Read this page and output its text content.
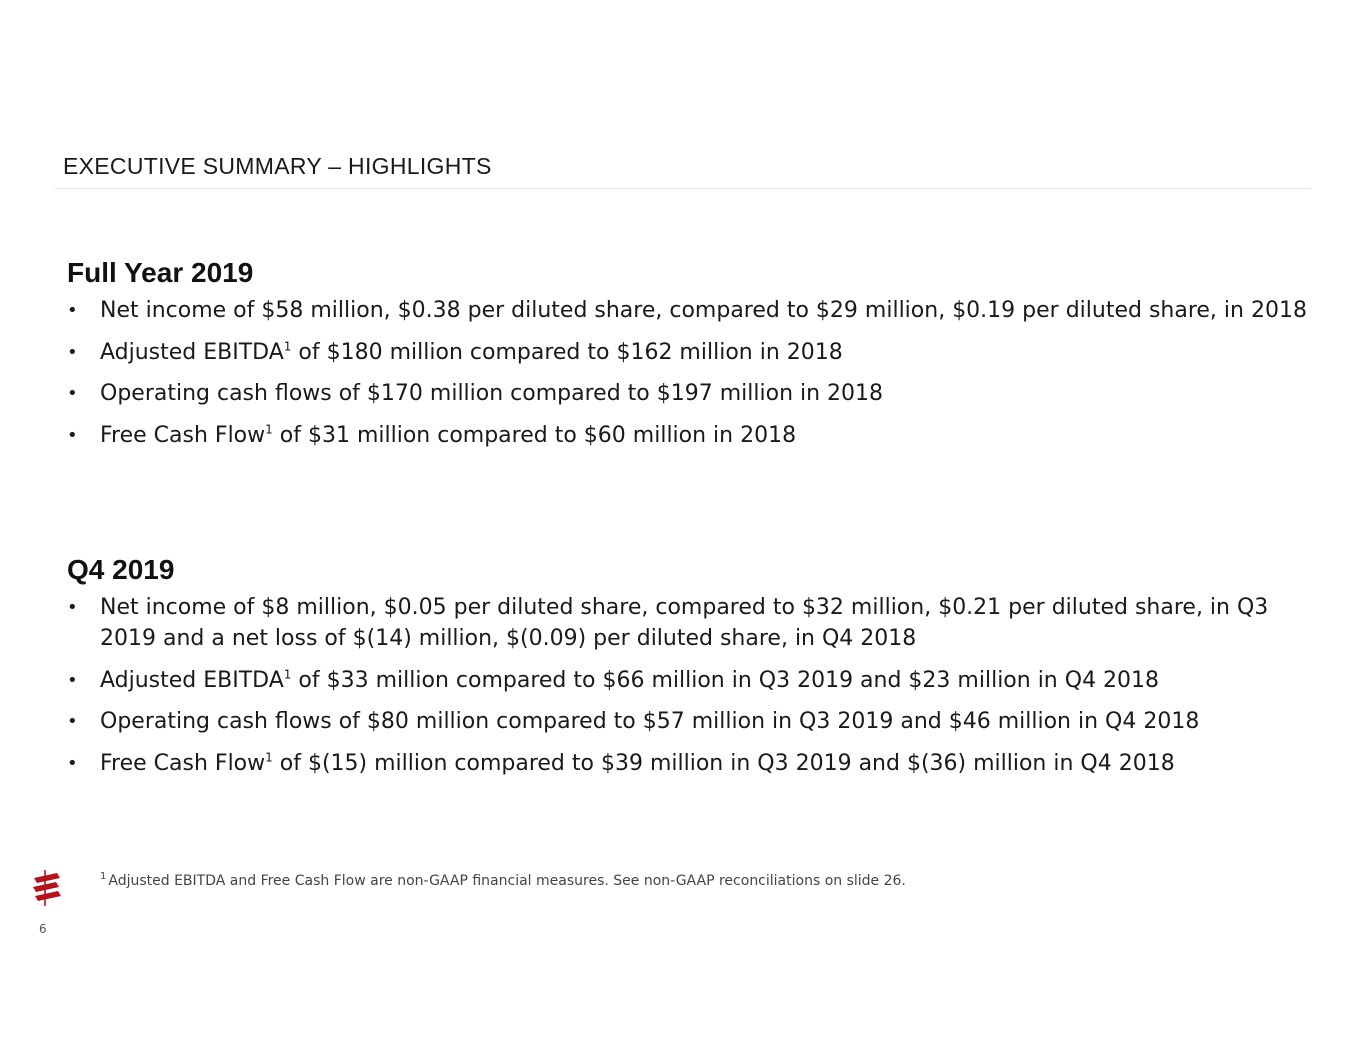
EXECUTIVE SUMMARY – HIGHLIGHTS
Full Year 2019
• Net income of $58 million, $0.38 per diluted share, compared to $29 million, $0.19 per diluted share, in 2018
• Adjusted EBITDA$^1$ of $180 million compared to $162 million in 2018
• Operating cash flows of $170 million compared to $197 million in 2018
• Free Cash Flow$^1$ of $31 million compared to $60 million in 2018
Q4 2019
• Net income of $8 million, $0.05 per diluted share, compared to $32 million, $0.21 per diluted share, in Q3 2019 and a net loss of $(14) million, $(0.09) per diluted share, in Q4 2018
• Adjusted EBITDA$^1$ of $33 million compared to $66 million in Q3 2019 and $23 million in Q4 2018
• Operating cash flows of $80 million compared to $57 million in Q3 2019 and $46 million in Q4 2018
• Free Cash Flow$^1$ of $(15) million compared to $39 million in Q3 2019 and $(36) million in Q4 2018
$^1$ Adjusted EBITDA and Free Cash Flow are non-GAAP financial measures. See non-GAAP reconciliations on slide 26.
6
